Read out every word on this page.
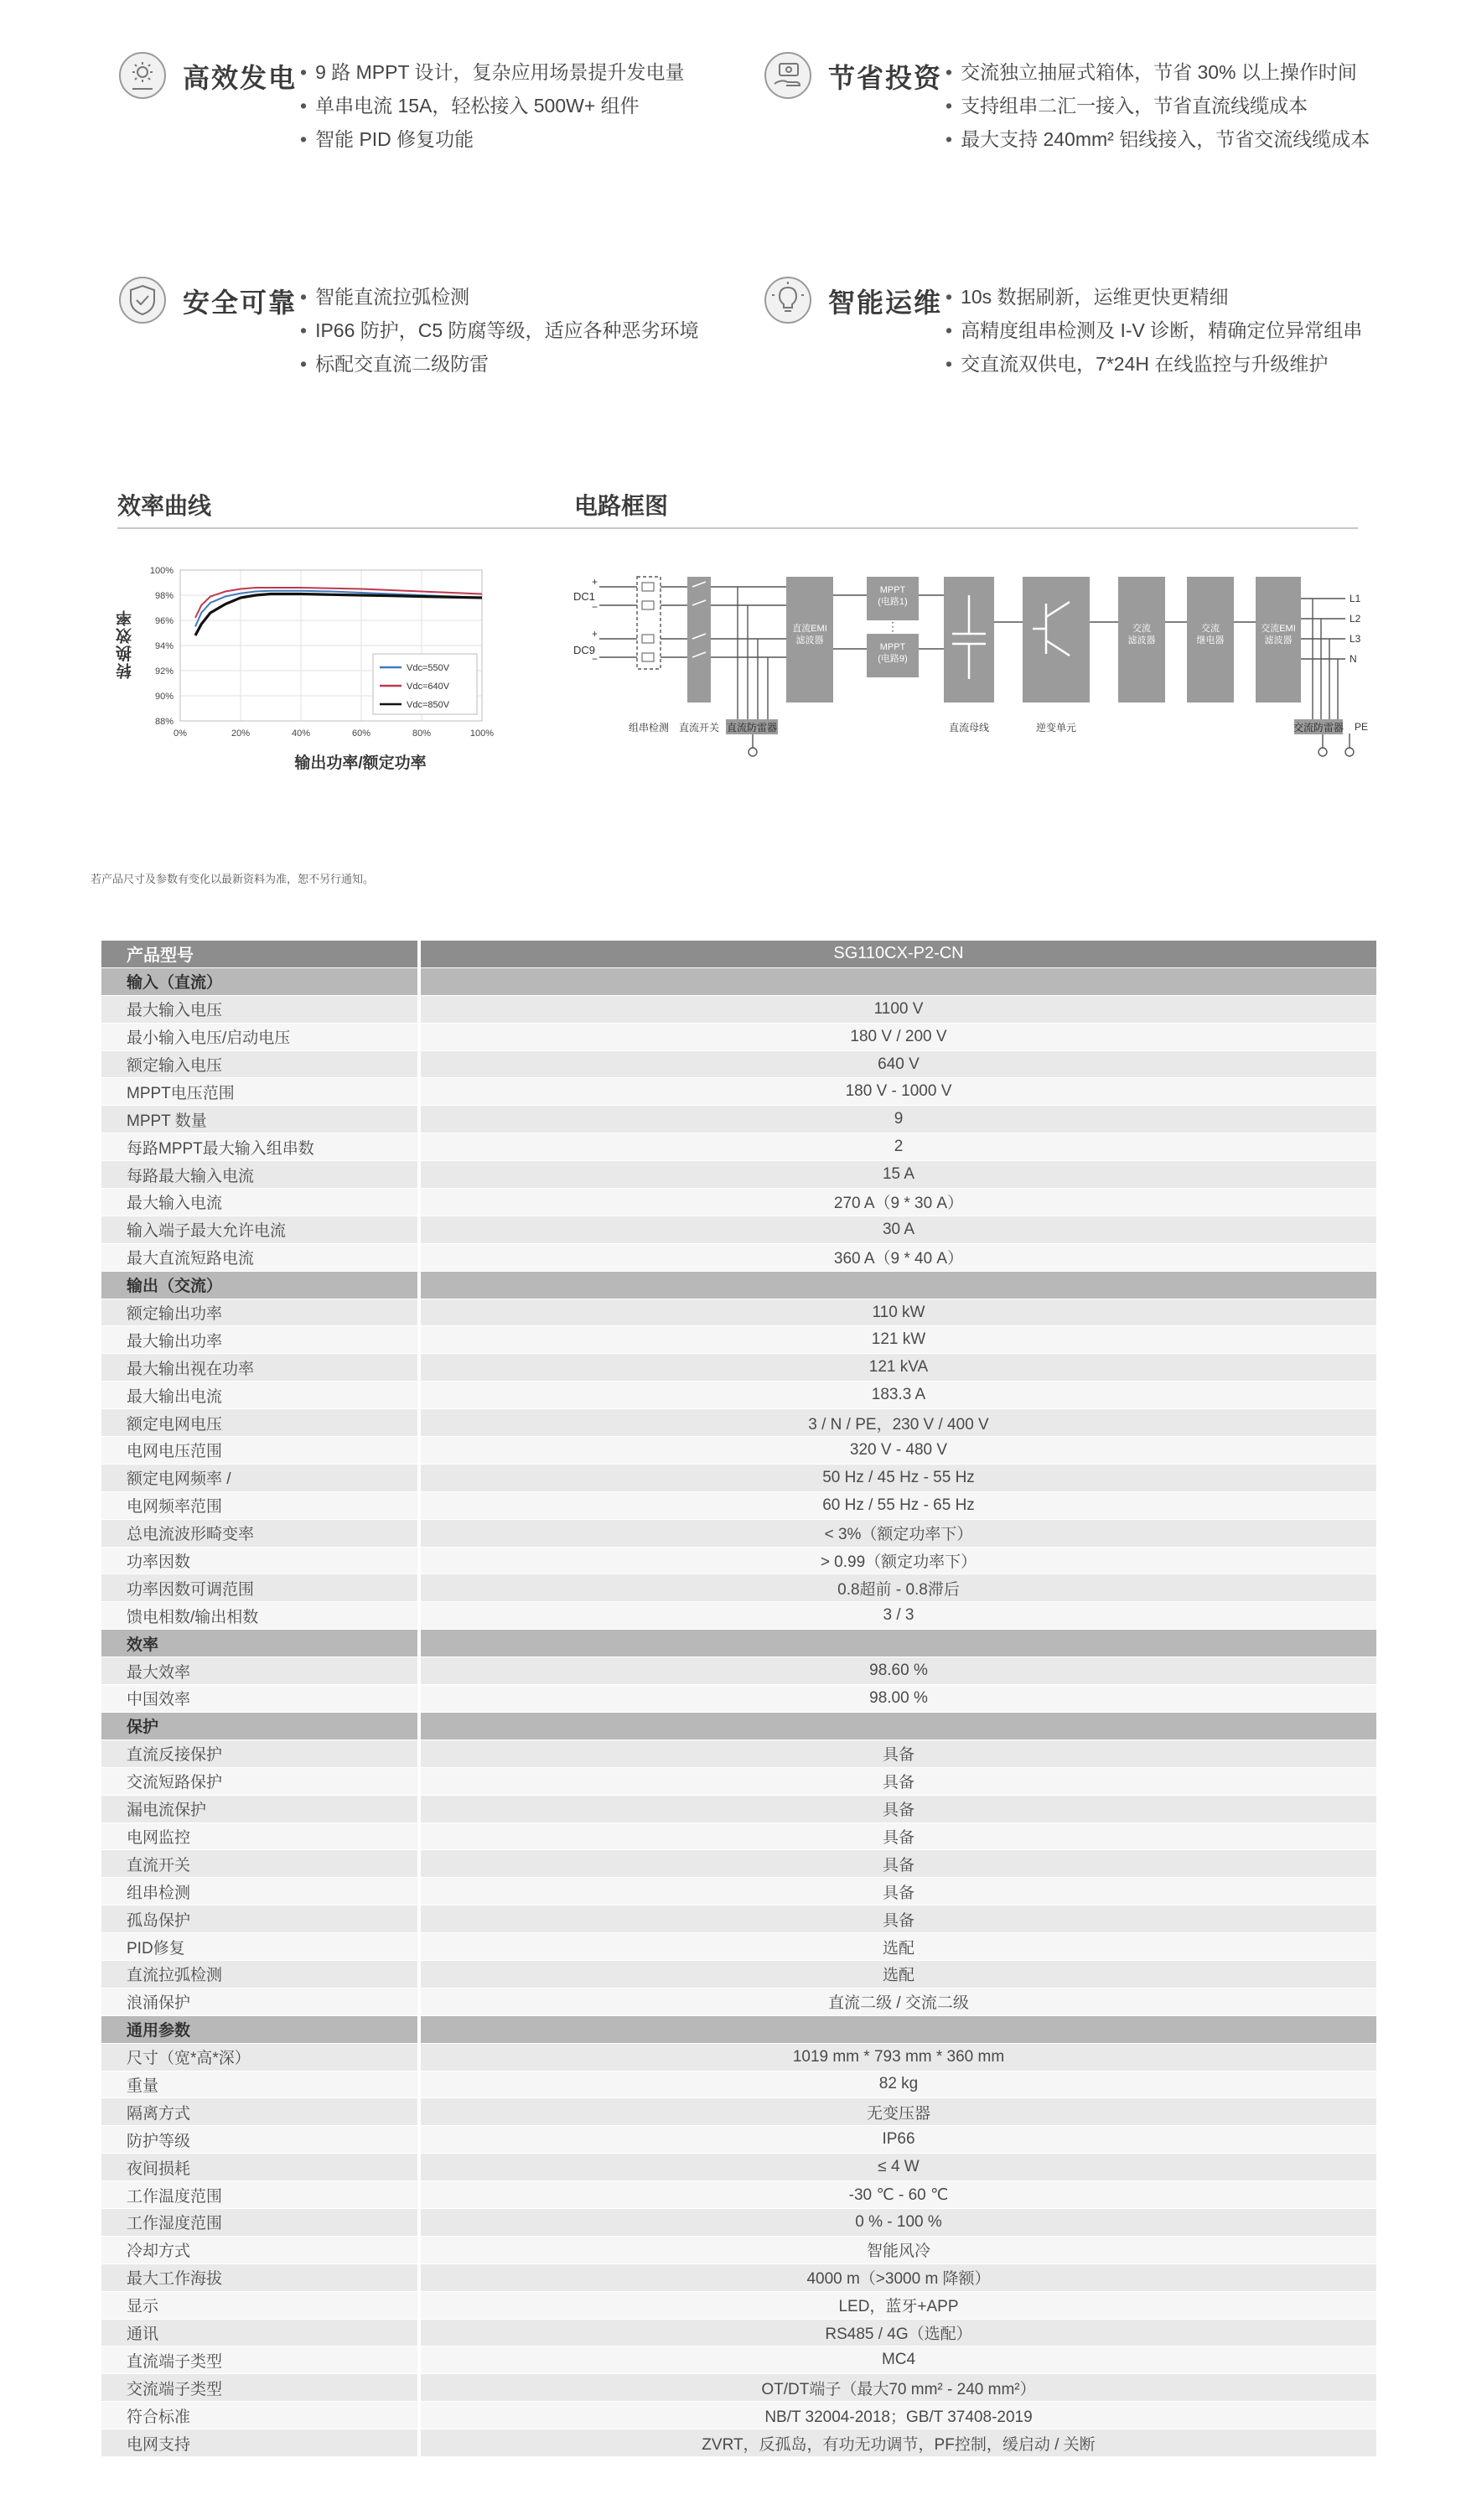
高效发电 • 9 路 MPPT 设计，复杂应用场景提升发电量
• 单串电流 15A，轻松接入 500W+ 组件
• 智能 PID 修复功能
节省投资 • 交流独立抽屉式箱体，节省 30% 以上操作时间
• 支持组串二汇一接入，节省直流线缆成本
• 最大支持 240mm² 铝线接入，节省交流线缆成本
安全可靠 • 智能直流拉弧检测
• IP66 防护，C5 防腐等级，适应各种恶劣环境
• 标配交直流二级防雷
智能运维 • 10s 数据刷新，运维更快更精细
• 高精度组串检测及 I-V 诊断，精确定位异常组串
• 交直流双供电，7*24H 在线监控与升级维护
效率曲线	电路框图
转换效率
88%
90%
92%
94%
96%
98%
100%
0%	20%	40%	60%	80%	100%
Vdc=550V
Vdc=640V
Vdc=850V
输出功率/额定功率
直流EMI 滤波器
MPPT (电路1)
MPPT (电路9)
交流滤波器
交流继电器
交流EMI 滤波器
DC1
DC9
+
−
+
−
组串检测 直流开关 直流防雷器	直流母线	逆变单元	交流防雷器
L1
L2
L3
N
PE
⋮
若产品尺寸及参数有变化以最新资料为准，恕不另行通知。
产品型号	SG110CX-P2-CN
输入（直流）
最大输入电压	1100 V
最小输入电压/启动电压	180 V / 200 V
额定输入电压	640 V
MPPT电压范围	180 V - 1000 V
MPPT 数量	9
每路MPPT最大输入组串数	2
每路最大输入电流	15 A
最大输入电流	270 A（9 * 30 A）
输入端子最大允许电流	30 A
最大直流短路电流	360 A（9 * 40 A）
输出（交流）
额定输出功率	110 kW
最大输出功率	121 kW
最大输出视在功率	121 kVA
最大输出电流	183.3 A
额定电网电压	3 / N / PE，230 V / 400 V
电网电压范围	320 V - 480 V
额定电网频率 /	50 Hz / 45 Hz - 55 Hz
电网频率范围	60 Hz / 55 Hz - 65 Hz
总电流波形畸变率	< 3%（额定功率下）
功率因数	> 0.99（额定功率下）
功率因数可调范围	0.8超前 - 0.8滞后
馈电相数/输出相数	3 / 3
效率
最大效率	98.60 %
中国效率	98.00 %
保护
直流反接保护	具备
交流短路保护	具备
漏电流保护	具备
电网监控	具备
直流开关	具备
组串检测	具备
孤岛保护	具备
PID修复	选配
直流拉弧检测	选配
浪涌保护	直流二级 / 交流二级
通用参数
尺寸（宽*高*深）	1019 mm * 793 mm * 360 mm
重量	82 kg
隔离方式	无变压器
防护等级	IP66
夜间损耗	≤ 4 W
工作温度范围	-30 ℃ - 60 ℃
工作湿度范围	0 % - 100 %
冷却方式	智能风冷
最大工作海拔	4000 m（>3000 m 降额）
显示	LED，蓝牙+APP
通讯	RS485 / 4G（选配）
直流端子类型	MC4
交流端子类型	OT/DT端子（最大70 mm² - 240 mm²）
符合标准	NB/T 32004-2018；GB/T 37408-2019
电网支持	ZVRT，反孤岛，有功无功调节，PF控制，缓启动 / 关断
